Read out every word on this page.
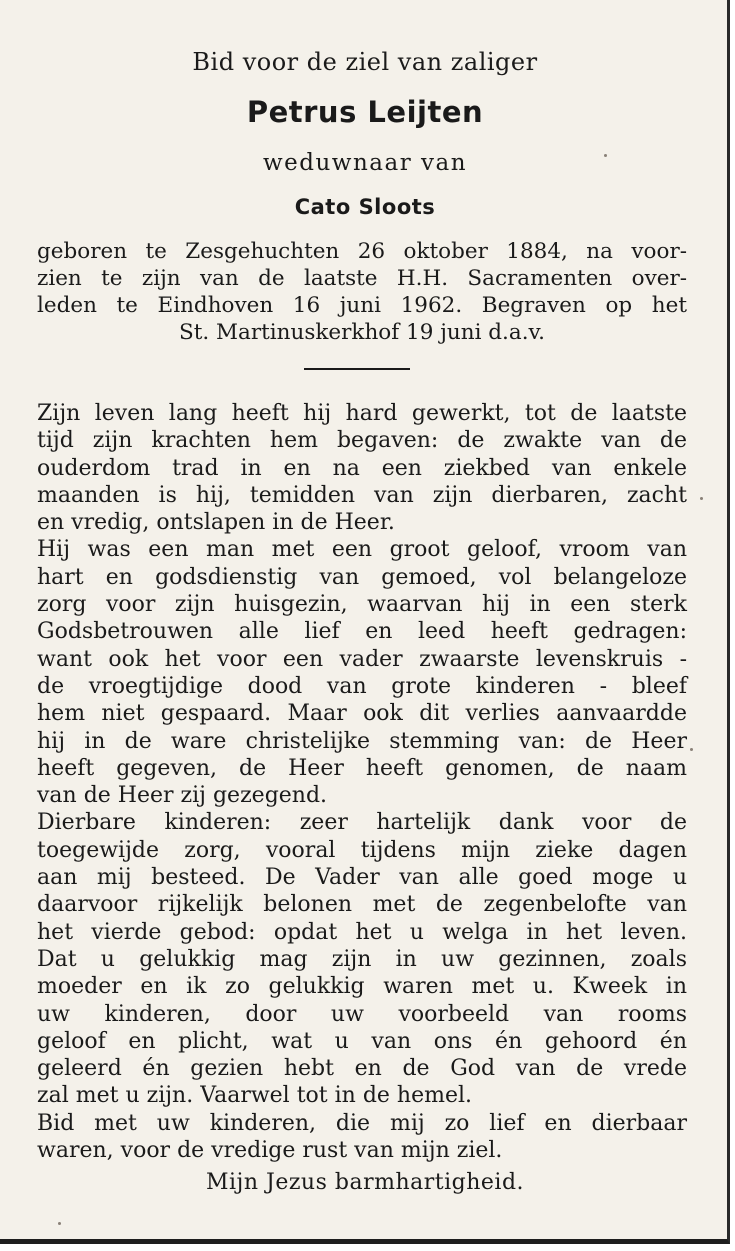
Bid voor de ziel van zaliger
Petrus Leijten
weduwnaar van
Cato Sloots
geboren te Zesgehuchten 26 oktober 1884, na voor-
zien te zijn van de laatste H.H. Sacramenten over-
leden te Eindhoven 16 juni 1962. Begraven op het
St. Martinuskerkhof 19 juni d.a.v.
Zijn leven lang heeft hij hard gewerkt, tot de laatste
tijd zijn krachten hem begaven: de zwakte van de
ouderdom trad in en na een ziekbed van enkele
maanden is hij, temidden van zijn dierbaren, zacht
en vredig, ontslapen in de Heer.
Hij was een man met een groot geloof, vroom van
hart en godsdienstig van gemoed, vol belangeloze
zorg voor zijn huisgezin, waarvan hij in een sterk
Godsbetrouwen alle lief en leed heeft gedragen:
want ook het voor een vader zwaarste levenskruis -
de vroegtijdige dood van grote kinderen - bleef
hem niet gespaard. Maar ook dit verlies aanvaardde
hij in de ware christelijke stemming van: de Heer
heeft gegeven, de Heer heeft genomen, de naam
van de Heer zij gezegend.
Dierbare kinderen: zeer hartelijk dank voor de
toegewijde zorg, vooral tijdens mijn zieke dagen
aan mij besteed. De Vader van alle goed moge u
daarvoor rijkelijk belonen met de zegenbelofte van
het vierde gebod: opdat het u welga in het leven.
Dat u gelukkig mag zijn in uw gezinnen, zoals
moeder en ik zo gelukkig waren met u. Kweek in
uw kinderen, door uw voorbeeld van rooms
geloof en plicht, wat u van ons én gehoord én
geleerd én gezien hebt en de God van de vrede
zal met u zijn. Vaarwel tot in de hemel.
Bid met uw kinderen, die mij zo lief en dierbaar
waren, voor de vredige rust van mijn ziel.
Mijn Jezus barmhartigheid.
